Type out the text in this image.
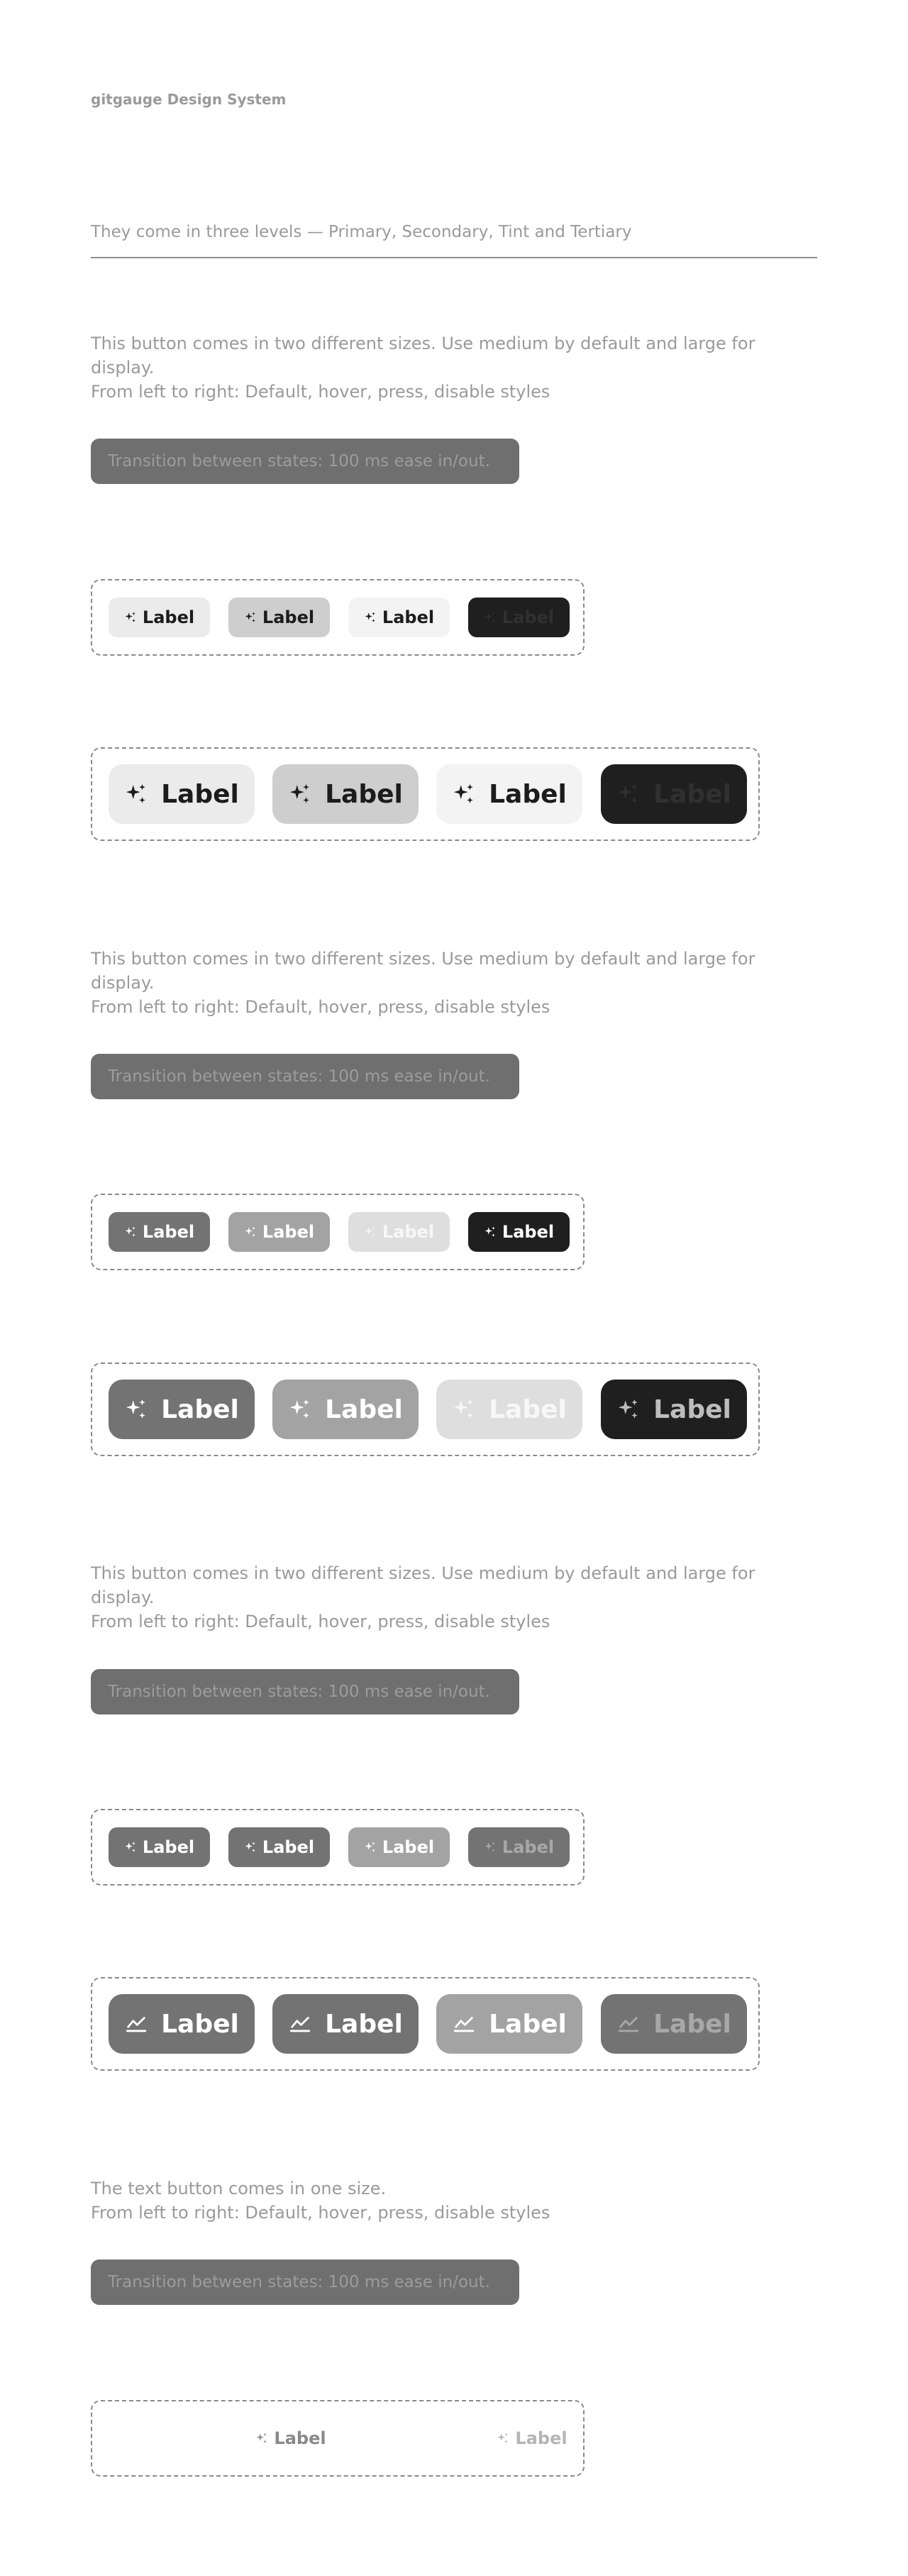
gitgauge Design System
They come in three levels — Primary, Secondary, Tint and Tertiary
This button comes in two different sizes. Use medium by default and large for display.
From left to right: Default, hover, press, disable styles
Transition between states: 100 ms ease in/out.
This button comes in two different sizes. Use medium by default and large for display.
From left to right: Default, hover, press, disable styles
Transition between states: 100 ms ease in/out.
This button comes in two different sizes. Use medium by default and large for display.
From left to right: Default, hover, press, disable styles
Transition between states: 100 ms ease in/out.
The text button comes in one size.
From left to right: Default, hover, press, disable styles
Transition between states: 100 ms ease in/out.
Label	Label	Label	Label
Label	Label	Label	Label
Label	Label	Label	Label
Label	Label	Label	Label
Label	Label	Label	Label
Label	Label	Label	Label
Label	Label
